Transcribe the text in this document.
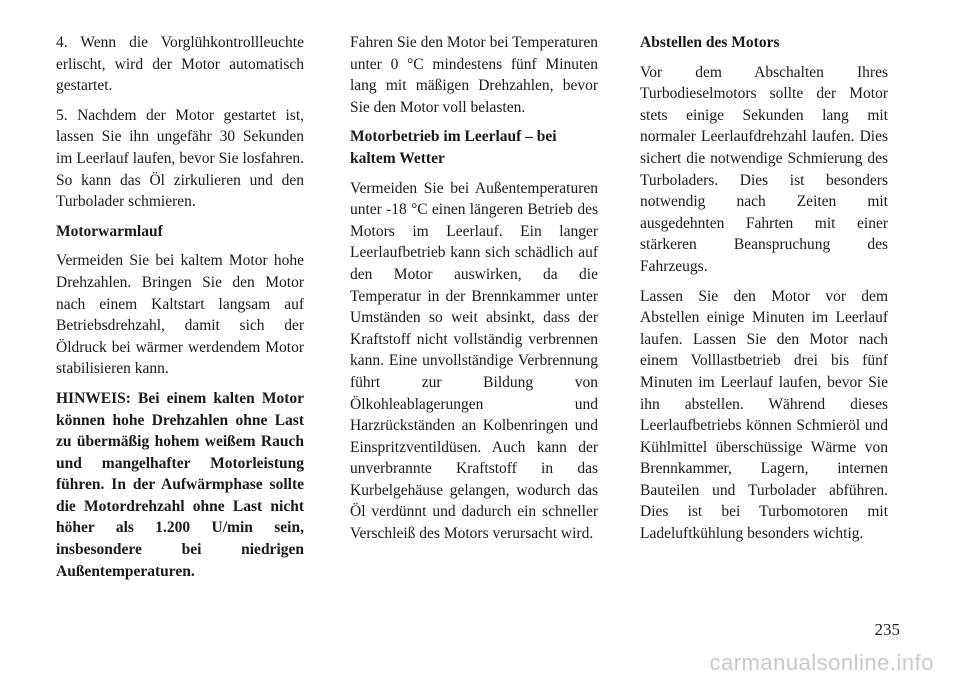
4. Wenn die Vorglühkontrollleuchte erlischt, wird der Motor automatisch gestartet.

5. Nachdem der Motor gestartet ist, lassen Sie ihn ungefähr 30 Sekunden im Leerlauf laufen, bevor Sie losfahren. So kann das Öl zirkulieren und den Turbolader schmieren.

Motorwarmlauf

Vermeiden Sie bei kaltem Motor hohe Drehzahlen. Bringen Sie den Motor nach einem Kaltstart langsam auf Betriebsdrehzahl, damit sich der Öldruck bei wärmer werdendem Motor stabilisieren kann.

HINWEIS: Bei einem kalten Motor können hohe Drehzahlen ohne Last zu übermäßig hohem weißem Rauch und mangelhafter Motorleistung führen. In der Aufwärmphase sollte die Motordrehzahl ohne Last nicht höher als 1.200 U/min sein, insbesondere bei niedrigen Außentemperaturen.

Fahren Sie den Motor bei Temperaturen unter 0 °C mindestens fünf Minuten lang mit mäßigen Drehzahlen, bevor Sie den Motor voll belasten.

Motorbetrieb im Leerlauf – bei kaltem Wetter

Vermeiden Sie bei Außentemperaturen unter -18 °C einen längeren Betrieb des Motors im Leerlauf. Ein langer Leerlaufbetrieb kann sich schädlich auf den Motor auswirken, da die Temperatur in der Brennkammer unter Umständen so weit absinkt, dass der Kraftstoff nicht vollständig verbrennen kann. Eine unvollständige Verbrennung führt zur Bildung von Ölkohleablagerungen und Harzrückständen an Kolbenringen und Einspritzventildüsen. Auch kann der unverbrannte Kraftstoff in das Kurbelgehäuse gelangen, wodurch das Öl verdünnt und dadurch ein schneller Verschleiß des Motors verursacht wird.

Abstellen des Motors

Vor dem Abschalten Ihres Turbodieselmotors sollte der Motor stets einige Sekunden lang mit normaler Leerlaufdrehzahl laufen. Dies sichert die notwendige Schmierung des Turboladers. Dies ist besonders notwendig nach Zeiten mit ausgedehnten Fahrten mit einer stärkeren Beanspruchung des Fahrzeugs.

Lassen Sie den Motor vor dem Abstellen einige Minuten im Leerlauf laufen. Lassen Sie den Motor nach einem Volllastbetrieb drei bis fünf Minuten im Leerlauf laufen, bevor Sie ihn abstellen. Während dieses Leerlaufbetriebs können Schmieröl und Kühlmittel überschüssige Wärme von Brennkammer, Lagern, internen Bauteilen und Turbolader abführen. Dies ist bei Turbomotoren mit Ladeluftkühlung besonders wichtig.

235
carmanualsonline.info
